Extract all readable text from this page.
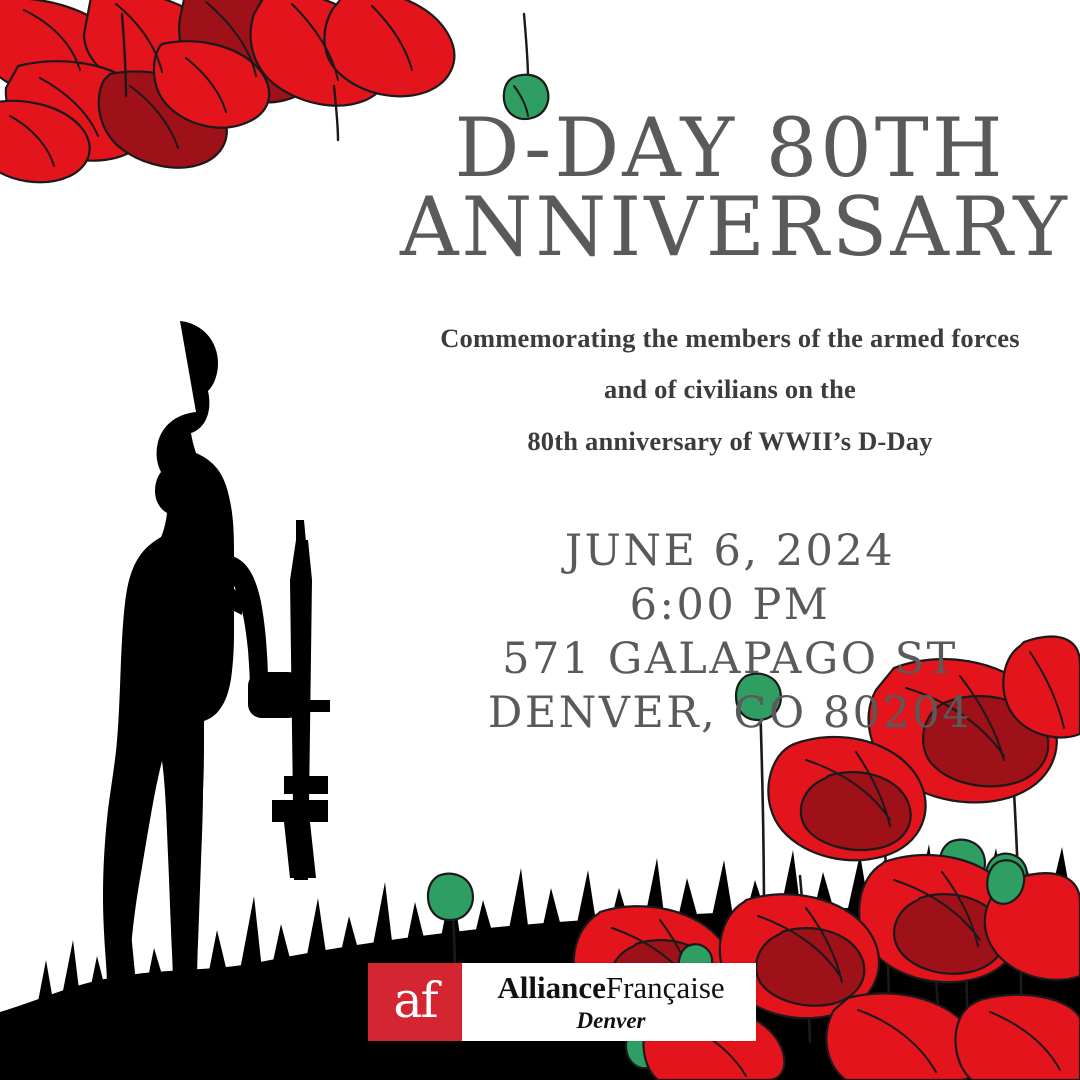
D-DAY 80TH
ANNIVERSARY

Commemorating the members of the armed forces
and of civilians on the
80th anniversary of WWII’s D-Day

JUNE 6, 2024
6:00 PM
571 GALAPAGO ST
DENVER, CO 80204
af AllianceFrançaise
Denver
